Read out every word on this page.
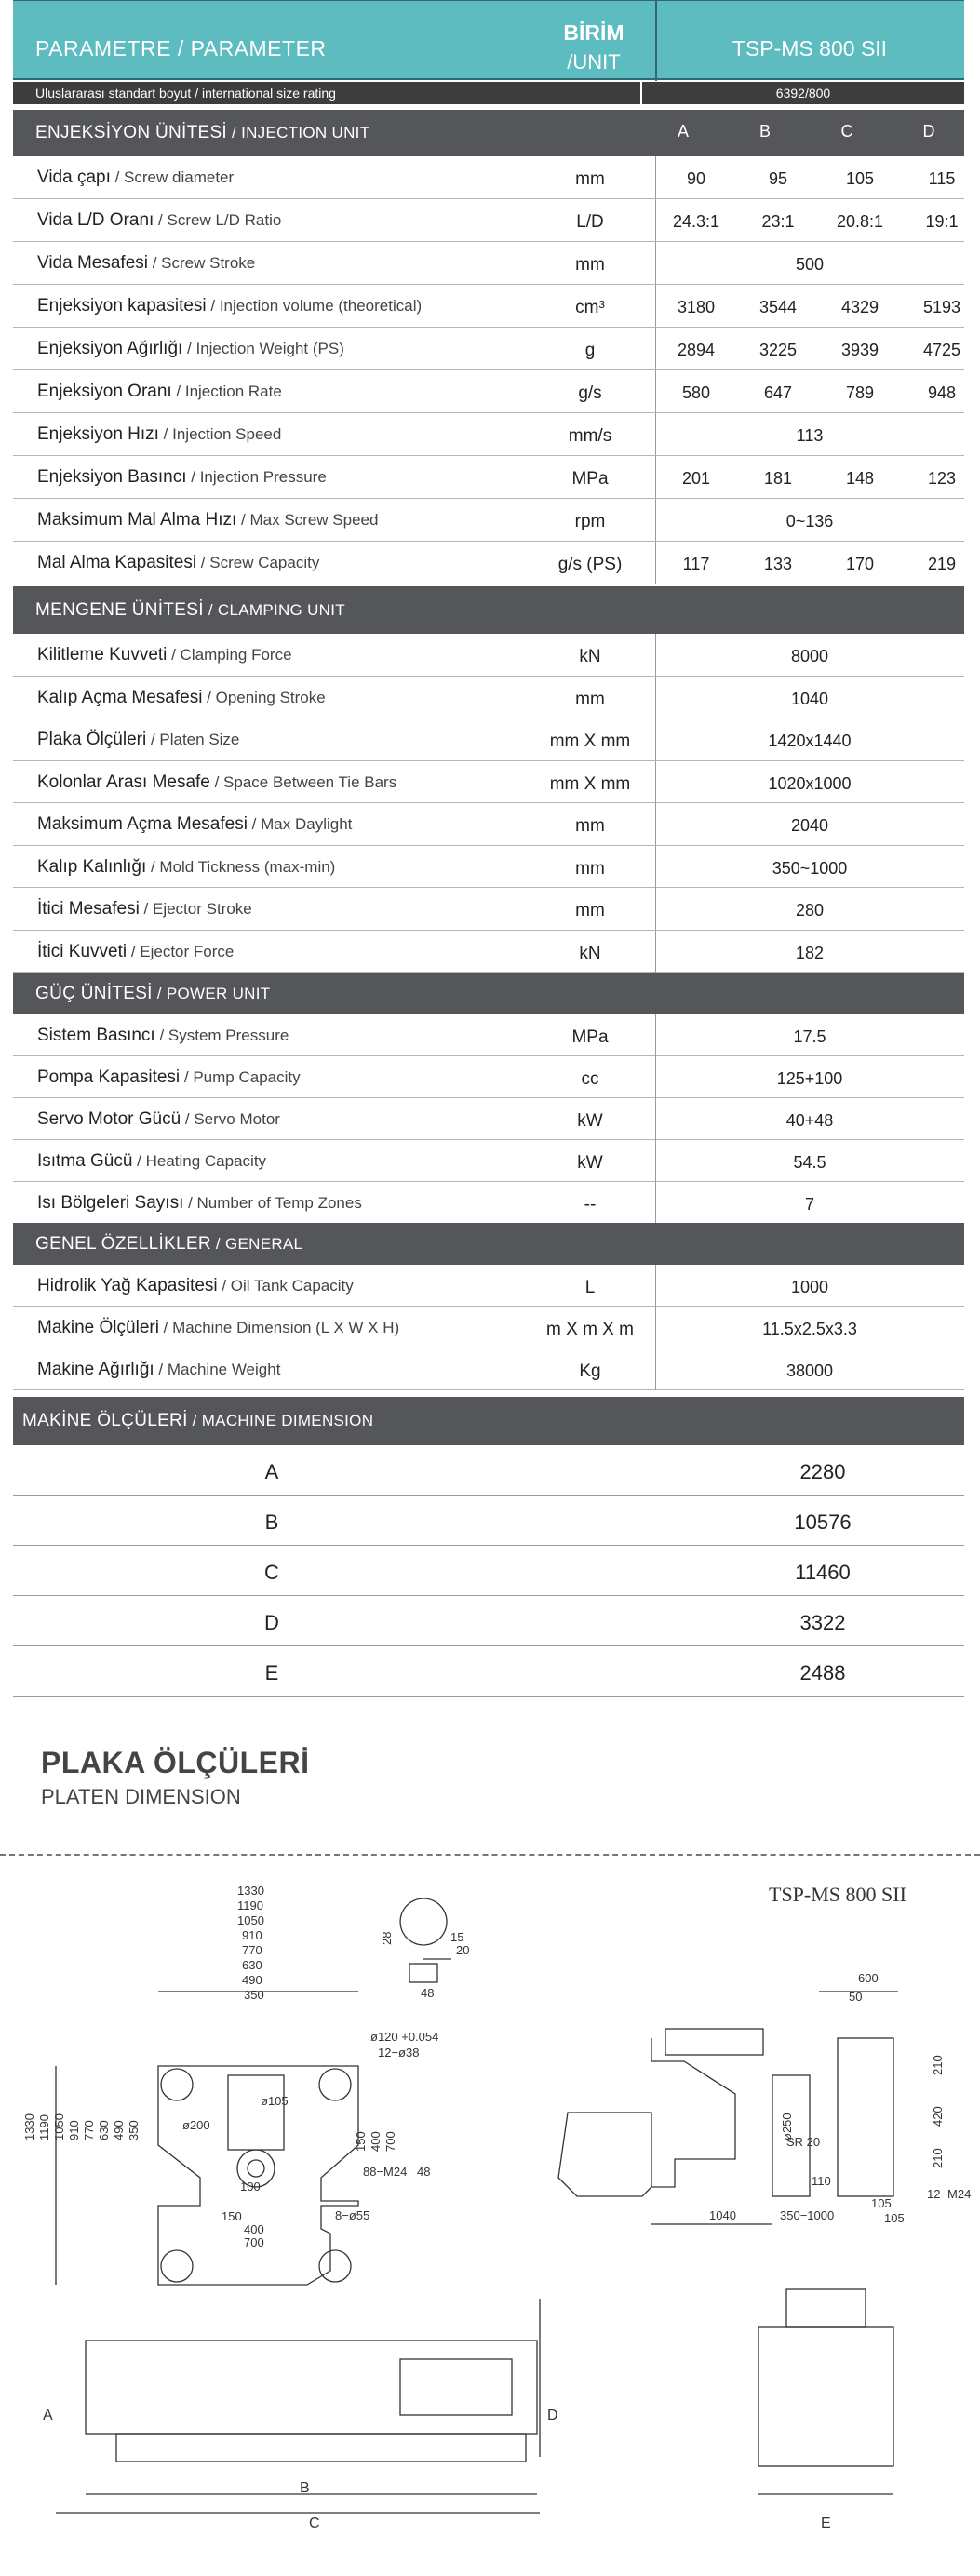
PARAMETRE / PARAMETER
BİRİM
/UNIT
TSP-MS 800 SII
Uluslararası standart boyut / international size rating	6392/800
ENJEKSİYON ÜNİTESİ / INJECTION UNIT	A	B	C	D
Vida çapı / Screw diameter	mm	90	95	105	115
Vida L/D Oranı / Screw L/D Ratio	L/D	24.3:1	23:1	20.8:1	19:1
Vida Mesafesi / Screw Stroke	mm	500
Enjeksiyon kapasitesi / Injection volume (theoretical)	cm³	3180	3544	4329	5193
Enjeksiyon Ağırlığı / Injection Weight (PS)	g	2894	3225	3939	4725
Enjeksiyon Oranı / Injection Rate	g/s	580	647	789	948
Enjeksiyon Hızı / Injection Speed	mm/s	113
Enjeksiyon Basıncı / Injection Pressure	MPa	201	181	148	123
Maksimum Mal Alma Hızı / Max Screw Speed	rpm	0~136
Mal Alma Kapasitesi / Screw Capacity	g/s (PS)	117	133	170	219
MENGENE ÜNİTESİ / CLAMPING UNIT
Kilitleme Kuvveti / Clamping Force	kN	8000
Kalıp Açma Mesafesi / Opening Stroke	mm	1040
Plaka Ölçüleri / Platen Size	mm X mm	1420x1440
Kolonlar Arası Mesafe / Space Between Tie Bars	mm X mm	1020x1000
Maksimum Açma Mesafesi / Max Daylight	mm	2040
Kalıp Kalınlığı / Mold Tickness (max-min)	mm	350~1000
İtici Mesafesi / Ejector Stroke	mm	280
İtici Kuvveti / Ejector Force	kN	182
GÜÇ ÜNİTESİ / POWER UNIT
Sistem Basıncı / System Pressure	MPa	17.5
Pompa Kapasitesi / Pump Capacity	cc	125+100
Servo Motor Gücü / Servo Motor	kW	40+48
Isıtma Gücü / Heating Capacity	kW	54.5
Isı Bölgeleri Sayısı / Number of Temp Zones	--	7
GENEL ÖZELLİKLER / GENERAL
Hidrolik Yağ Kapasitesi / Oil Tank Capacity	L	1000
Makine Ölçüleri / Machine Dimension (L X W X H)	m X m X m	11.5x2.5x3.3
Makine Ağırlığı / Machine Weight	Kg	38000
MAKİNE ÖLÇÜLERİ / MACHINE DIMENSION
A	2280
B	10576
C	11460
D	3322
E	2488
PLAKA ÖLÇÜLERİ
PLATEN DIMENSION
TSP-MS 800 SII
1330
1190
1050
910
770
630
490
350
1330 1190 1050 910 770 630 490 350
150
400
700
150 400 700
28	15
20
48
ø120 +0.054
12−ø38
ø105
ø200
100
88−M24 48
8−ø55
600
50
210
420
210
ø250
SR 20
110
12−M24
105
105
1040	350−1000
A
B
C
D
E
